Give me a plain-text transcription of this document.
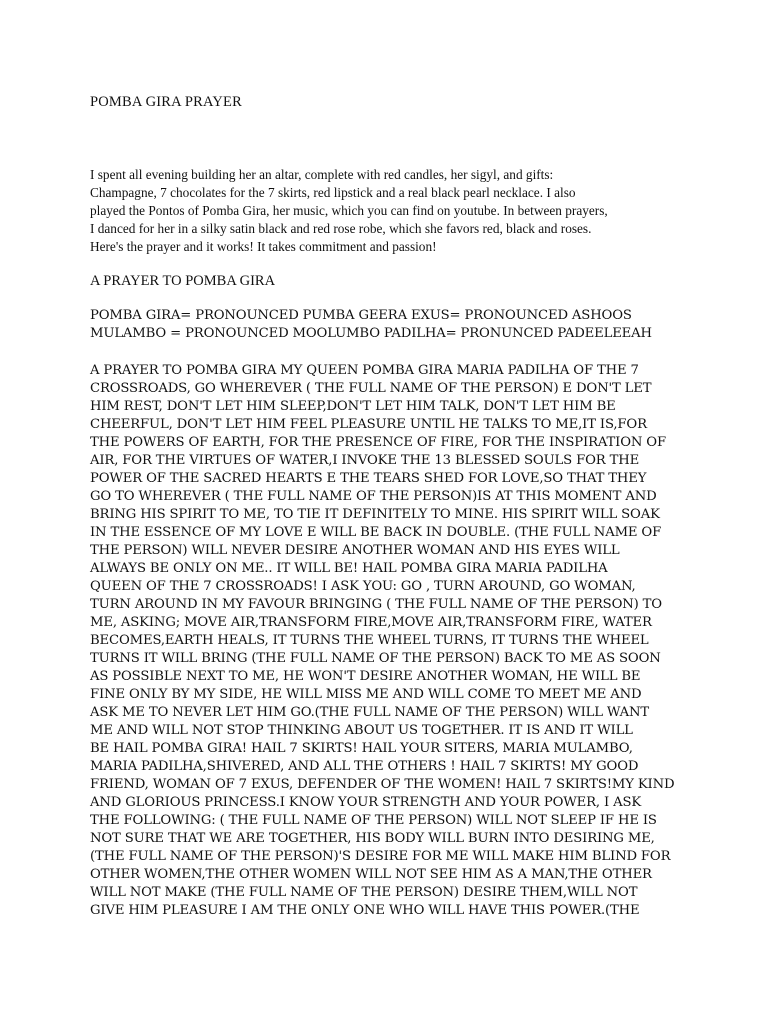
POMBA GIRA PRAYER
I spent all evening building her an altar, complete with red candles, her sigyl, and gifts:
Champagne, 7 chocolates for the 7 skirts, red lipstick and a real black pearl necklace. I also
played the Pontos of Pomba Gira, her music, which you can find on youtube. In between prayers,
I danced for her in a silky satin black and red rose robe, which she favors red, black and roses.
Here's the prayer and it works! It takes commitment and passion!
A PRAYER TO POMBA GIRA
POMBA GIRA= PRONOUNCED PUMBA GEERA EXUS= PRONOUNCED ASHOOS
MULAMBO = PRONOUNCED MOOLUMBO PADILHA= PRONUNCED PADEELEEAH
A PRAYER TO POMBA GIRA MY QUEEN POMBA GIRA MARIA PADILHA OF THE 7
CROSSROADS, GO WHEREVER ( THE FULL NAME OF THE PERSON) E DON'T LET
HIM REST, DON'T LET HIM SLEEP,DON'T LET HIM TALK, DON'T LET HIM BE
CHEERFUL, DON'T LET HIM FEEL PLEASURE UNTIL HE TALKS TO ME,IT IS,FOR
THE POWERS OF EARTH, FOR THE PRESENCE OF FIRE, FOR THE INSPIRATION OF
AIR, FOR THE VIRTUES OF WATER,I INVOKE THE 13 BLESSED SOULS FOR THE
POWER OF THE SACRED HEARTS E THE TEARS SHED FOR LOVE,SO THAT THEY
GO TO WHEREVER ( THE FULL NAME OF THE PERSON)IS AT THIS MOMENT AND
BRING HIS SPIRIT TO ME, TO TIE IT DEFINITELY TO MINE. HIS SPIRIT WILL SOAK
IN THE ESSENCE OF MY LOVE E WILL BE BACK IN DOUBLE. (THE FULL NAME OF
THE PERSON) WILL NEVER DESIRE ANOTHER WOMAN AND HIS EYES WILL
ALWAYS BE ONLY ON ME.. IT WILL BE! HAIL POMBA GIRA MARIA PADILHA
QUEEN OF THE 7 CROSSROADS! I ASK YOU: GO , TURN AROUND, GO WOMAN,
TURN AROUND IN MY FAVOUR BRINGING ( THE FULL NAME OF THE PERSON) TO
ME, ASKING; MOVE AIR,TRANSFORM FIRE,MOVE AIR,TRANSFORM FIRE, WATER
BECOMES,EARTH HEALS, IT TURNS THE WHEEL TURNS, IT TURNS THE WHEEL
TURNS IT WILL BRING (THE FULL NAME OF THE PERSON) BACK TO ME AS SOON
AS POSSIBLE NEXT TO ME, HE WON'T DESIRE ANOTHER WOMAN, HE WILL BE
FINE ONLY BY MY SIDE, HE WILL MISS ME AND WILL COME TO MEET ME AND
ASK ME TO NEVER LET HIM GO.(THE FULL NAME OF THE PERSON) WILL WANT
ME AND WILL NOT STOP THINKING ABOUT US TOGETHER. IT IS AND IT WILL
BE HAIL POMBA GIRA! HAIL 7 SKIRTS! HAIL YOUR SITERS, MARIA MULAMBO,
MARIA PADILHA,SHIVERED, AND ALL THE OTHERS ! HAIL 7 SKIRTS! MY GOOD
FRIEND, WOMAN OF 7 EXUS, DEFENDER OF THE WOMEN! HAIL 7 SKIRTS!MY KIND
AND GLORIOUS PRINCESS.I KNOW YOUR STRENGTH AND YOUR POWER, I ASK
THE FOLLOWING: ( THE FULL NAME OF THE PERSON) WILL NOT SLEEP IF HE IS
NOT SURE THAT WE ARE TOGETHER, HIS BODY WILL BURN INTO DESIRING ME,
(THE FULL NAME OF THE PERSON)'S DESIRE FOR ME WILL MAKE HIM BLIND FOR
OTHER WOMEN,THE OTHER WOMEN WILL NOT SEE HIM AS A MAN,THE OTHER
WILL NOT MAKE (THE FULL NAME OF THE PERSON) DESIRE THEM,WILL NOT
GIVE HIM PLEASURE I AM THE ONLY ONE WHO WILL HAVE THIS POWER.(THE
